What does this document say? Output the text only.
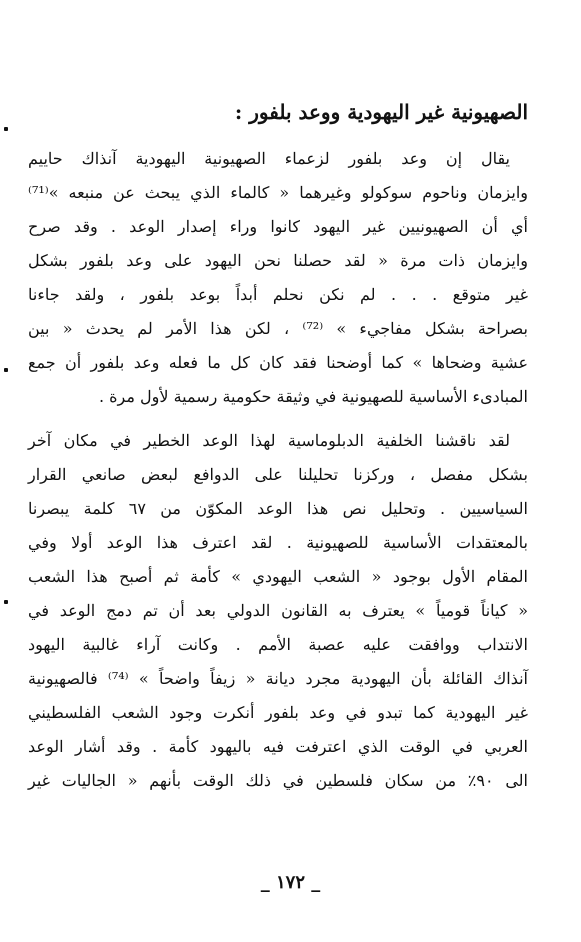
الصهيونية غير اليهودية ووعد بلفور :

يقال إن وعد بلفور لزعماء الصهيونية اليهودية آنذاك حاييم
وايزمان وناحوم سوكولو وغيرهما « كالماء الذي يبحث عن منبعه »⁽⁷¹⁾
أي أن الصهيونيين غير اليهود كانوا وراء إصدار الوعد . وقد صرح
وايزمان ذات مرة « لقد حصلنا نحن اليهود على وعد بلفور بشكل
غير متوقع . . . لم نكن نحلم أبداً بوعد بلفور ، ولقد جاءنا
بصراحة بشكل مفاجيء » ⁽⁷²⁾ ، لكن هذا الأمر لم يحدث « بين
عشية وضحاها » كما أوضحنا فقد كان كل ما فعله وعد بلفور أن جمع
المبادىء الأساسية للصهيونية في وثيقة حكومية رسمية لأول مرة .

لقد ناقشنا الخلفية الدبلوماسية لهذا الوعد الخطير في مكان آخر
بشكل مفصل ، وركزنا تحليلنا على الدوافع لبعض صانعي القرار
السياسيين . وتحليل نص هذا الوعد المكوّن من ٦٧ كلمة يبصرنا
بالمعتقدات الأساسية للصهيونية . لقد اعترف هذا الوعد أولا وفي
المقام الأول بوجود « الشعب اليهودي » كأمة ثم أصبح هذا الشعب
« كياناً قومياً » يعترف به القانون الدولي بعد أن تم دمج الوعد في
الانتداب ووافقت عليه عصبة الأمم . وكانت آراء غالبية اليهود
آنذاك القائلة بأن اليهودية مجرد ديانة « زيفاً واضحاً » ⁽⁷⁴⁾ فالصهيونية
غير اليهودية كما تبدو في وعد بلفور أنكرت وجود الشعب الفلسطيني
العربي في الوقت الذي اعترفت فيه باليهود كأمة . وقد أشار الوعد
الى ٩٠٪ من سكان فلسطين في ذلك الوقت بأنهم « الجاليات غير

_ ١٧٢ _
